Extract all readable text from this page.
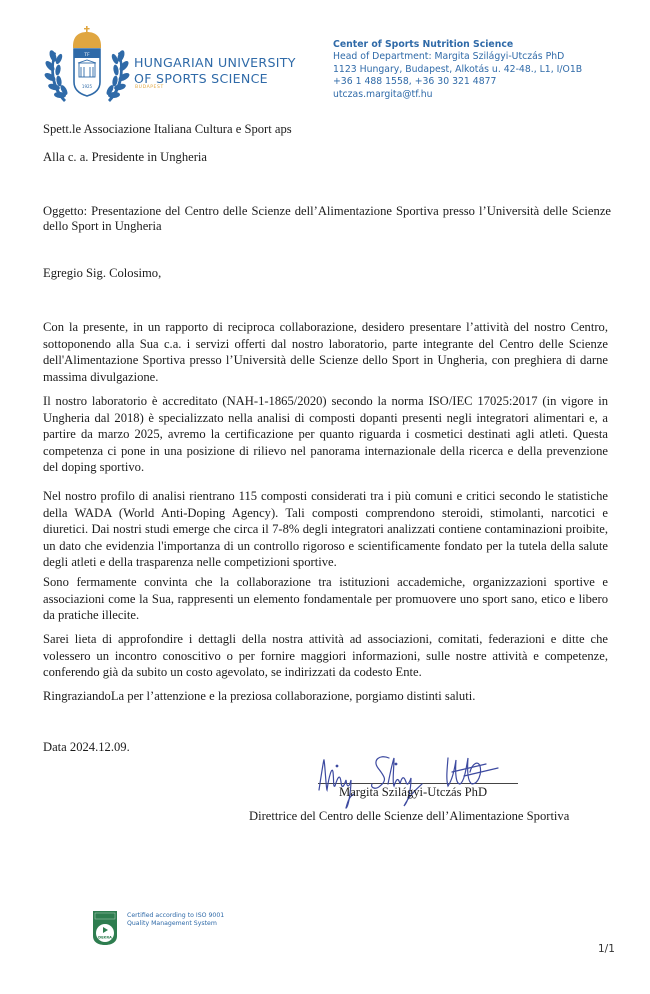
TF
1925
HUNGARIAN UNIVERSITY
OF SPORTS SCIENCE
BUDAPEST
Center of Sports Nutrition Science
Head of Department: Margita Szilágyi-Utczás PhD
1123 Hungary, Budapest, Alkotás u. 42-48., L1, I/O1B
+36 1 488 1558, +36 30 321 4877
utczas.margita@tf.hu
Spett.le Associazione Italiana Cultura e Sport aps
Alla c. a. Presidente in Ungheria
Oggetto: Presentazione del Centro delle Scienze dell’Alimentazione Sportiva presso l’Università delle Scienze dello Sport in Ungheria
Egregio Sig. Colosimo,
Con la presente, in un rapporto di reciproca collaborazione, desidero presentare l’attività del nostro Centro, sottoponendo alla Sua c.a. i servizi offerti dal nostro laboratorio, parte integrante del Centro delle Scienze dell'Alimentazione Sportiva presso l’Università delle Scienze dello Sport in Ungheria, con preghiera di darne massima divulgazione.
Il nostro laboratorio è accreditato (NAH-1-1865/2020) secondo la norma ISO/IEC 17025:2017 (in vigore in Ungheria dal 2018) è specializzato nella analisi di composti dopanti presenti negli integratori alimentari e, a partire da marzo 2025, avremo la certificazione per quanto riguarda i cosmetici destinati agli atleti. Questa competenza ci pone in una posizione di rilievo nel panorama internazionale della ricerca e della prevenzione del doping sportivo.
Nel nostro profilo di analisi rientrano 115 composti considerati tra i più comuni e critici secondo le statistiche della WADA (World Anti-Doping Agency). Tali composti comprendono steroidi, stimolanti, narcotici e diuretici. Dai nostri studi emerge che circa il 7-8% degli integratori analizzati contiene contaminazioni proibite, un dato che evidenzia l'importanza di un controllo rigoroso e scientificamente fondato per la tutela della salute degli atleti e della trasparenza nelle competizioni sportive.
Sono fermamente convinta che la collaborazione tra istituzioni accademiche, organizzazioni sportive e associazioni come la Sua, rappresenti un elemento fondamentale per promuovere uno sport sano, etico e libero da pratiche illecite.
Sarei lieta di approfondire i dettagli della nostra attività ad associazioni, comitati, federazioni e ditte che volessero un incontro conoscitivo o per fornire maggiori informazioni, sulle nostre attività e competenze, conferendo già da subito un costo agevolato, se indirizzati da codesto Ente.
RingraziandoLa per l’attenzione e la preziosa collaborazione, porgiamo distinti saluti.
Data 2024.12.09.
Margita Szilágyi-Utczás PhD
Direttrice del Centro delle Scienze dell’Alimentazione Sportiva
DEKRA
Certified according to ISO 9001
Quality Management System
1/1
